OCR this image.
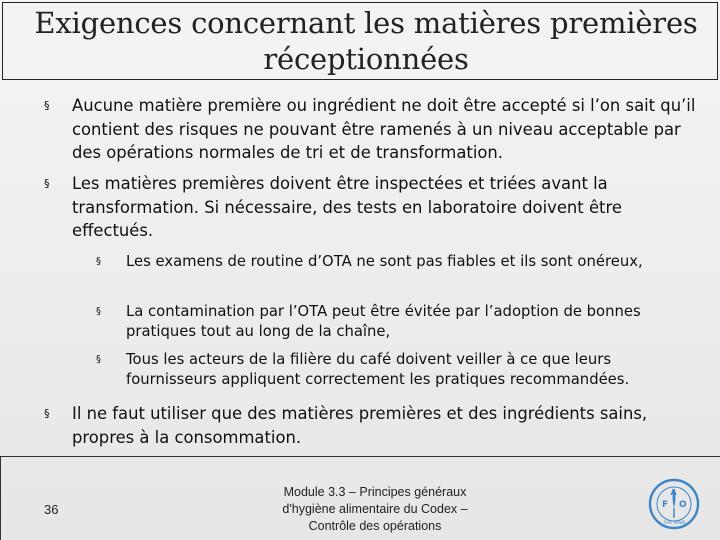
Exigences concernant les matières premières
réceptionnées
§	Aucune matière première ou ingrédient ne doit être accepté si l’on sait qu’il contient des risques ne pouvant être ramenés à un niveau acceptable par des opérations normales de tri et de transformation.
§	Les matières premières doivent être inspectées et triées avant la transformation. Si nécessaire, des tests en laboratoire doivent être effectués.
§	Les examens de routine d’OTA ne sont pas fiables et ils sont onéreux,
§	La contamination par l’OTA peut être évitée par l’adoption de bonnes pratiques tout au long de la chaîne,
§	Tous les acteurs de la filière du café doivent veiller à ce que leurs fournisseurs appliquent correctement les pratiques recommandées.
§	Il ne faut utiliser que des matières premières et des ingrédients sains, propres à la consommation.
36
Module 3.3 – Principes généraux
d'hygiène alimentaire du Codex –
Contrôle des opérations
F
A
O
FIAT PANIS
